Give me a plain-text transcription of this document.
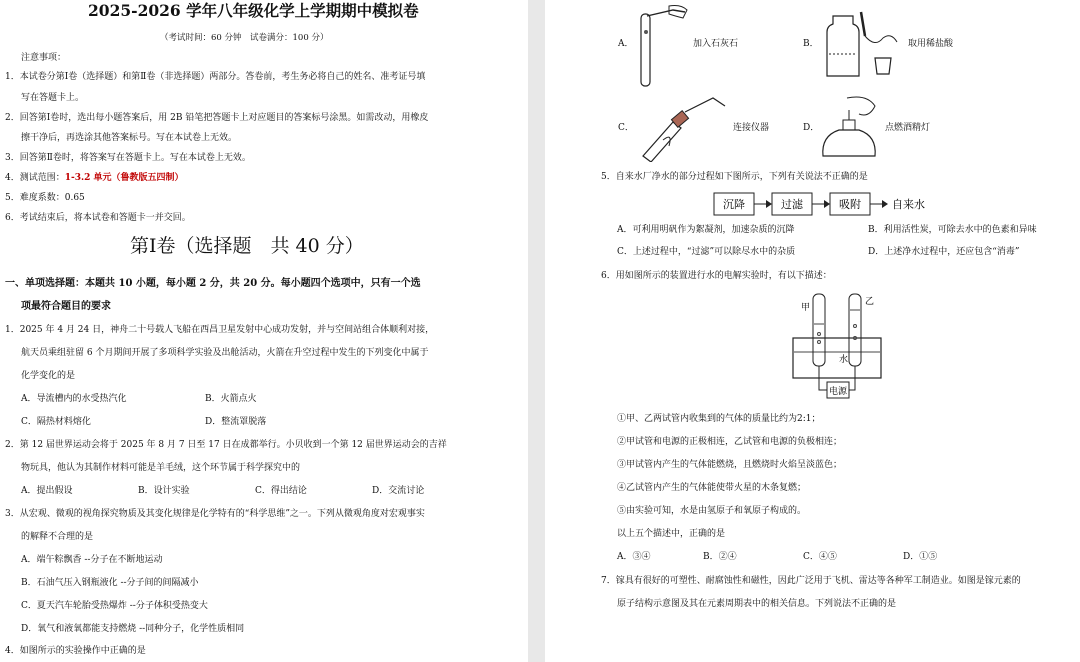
2025-2026 学年八年级化学上学期期中模拟卷
（考试时间：60 分钟　试卷满分：100 分）
注意事项：
1．本试卷分第Ⅰ卷（选择题）和第Ⅱ卷（非选择题）两部分。答卷前，考生务必将自己的姓名、准考证号填
写在答题卡上。
2．回答第Ⅰ卷时，选出每小题答案后，用 2B 铅笔把答题卡上对应题目的答案标号涂黑。如需改动，用橡皮
擦干净后，再选涂其他答案标号。写在本试卷上无效。
3．回答第Ⅱ卷时，将答案写在答题卡上。写在本试卷上无效。
4．测试范围：1-3.2 单元（鲁教版五四制）
5．难度系数：0.65
6．考试结束后，将本试卷和答题卡一并交回。
第Ⅰ卷（选择题　共 40 分）
一、单项选择题：本题共 10 小题，每小题 2 分，共 20 分。每小题四个选项中，只有一个选
项最符合题目的要求
1．2025 年 4 月 24 日，神舟二十号载人飞船在西昌卫星发射中心成功发射，并与空间站组合体顺利对接，
航天员乘组驻留 6 个月期间开展了多项科学实验及出舱活动，火箭在升空过程中发生的下列变化中属于
化学变化的是
A．导流槽内的水受热汽化	B．火箭点火
C．隔热材料熔化	D．整流罩脱落
2．第 12 届世界运动会将于 2025 年 8 月 7 日至 17 日在成都举行。小贝收到一个第 12 届世界运动会的吉祥
物玩具，他认为其制作材料可能是羊毛绒，这个环节属于科学探究中的
A．提出假设	B．设计实验	C．得出结论	D．交流讨论
3．从宏观、微观的视角探究物质及其变化规律是化学特有的“科学思维”之一。下列从微观角度对宏观事实
的解释不合理的是
A．端午粽飘香 --分子在不断地运动
B．石油气压入钢瓶液化 --分子间的间隔减小
C．夏天汽车轮胎受热爆炸 --分子体积受热变大
D．氧气和液氧都能支持燃烧 --同种分子，化学性质相同
4．如图所示的实验操作中正确的是
A．	加入石灰石	B．	取用稀盐酸
C．	连接仪器	D．	点燃酒精灯
5．自来水厂净水的部分过程如下图所示，下列有关说法不正确的是
沉降	过滤	吸附	自来水
A．可利用明矾作为絮凝剂，加速杂质的沉降	B．利用活性炭，可除去水中的色素和异味
C．上述过程中，“过滤”可以除尽水中的杂质	D．上述净水过程中，还应包含“消毒”
6．用如图所示的装置进行水的电解实验时，有以下描述：
甲
乙
水
电源
①甲、乙两试管内收集到的气体的质量比约为2:1；
②甲试管和电源的正极相连，乙试管和电源的负极相连；
③甲试管内产生的气体能燃烧，且燃烧时火焰呈淡蓝色；
④乙试管内产生的气体能使带火星的木条复燃；
⑤由实验可知，水是由氢原子和氧原子构成的。
以上五个描述中，正确的是
A．③④	B．②④	C．④⑤	D．①⑤
7．镓具有很好的可塑性、耐腐蚀性和磁性，因此广泛用于飞机、雷达等各种军工制造业。如图是镓元素的
原子结构示意图及其在元素周期表中的相关信息。下列说法不正确的是
